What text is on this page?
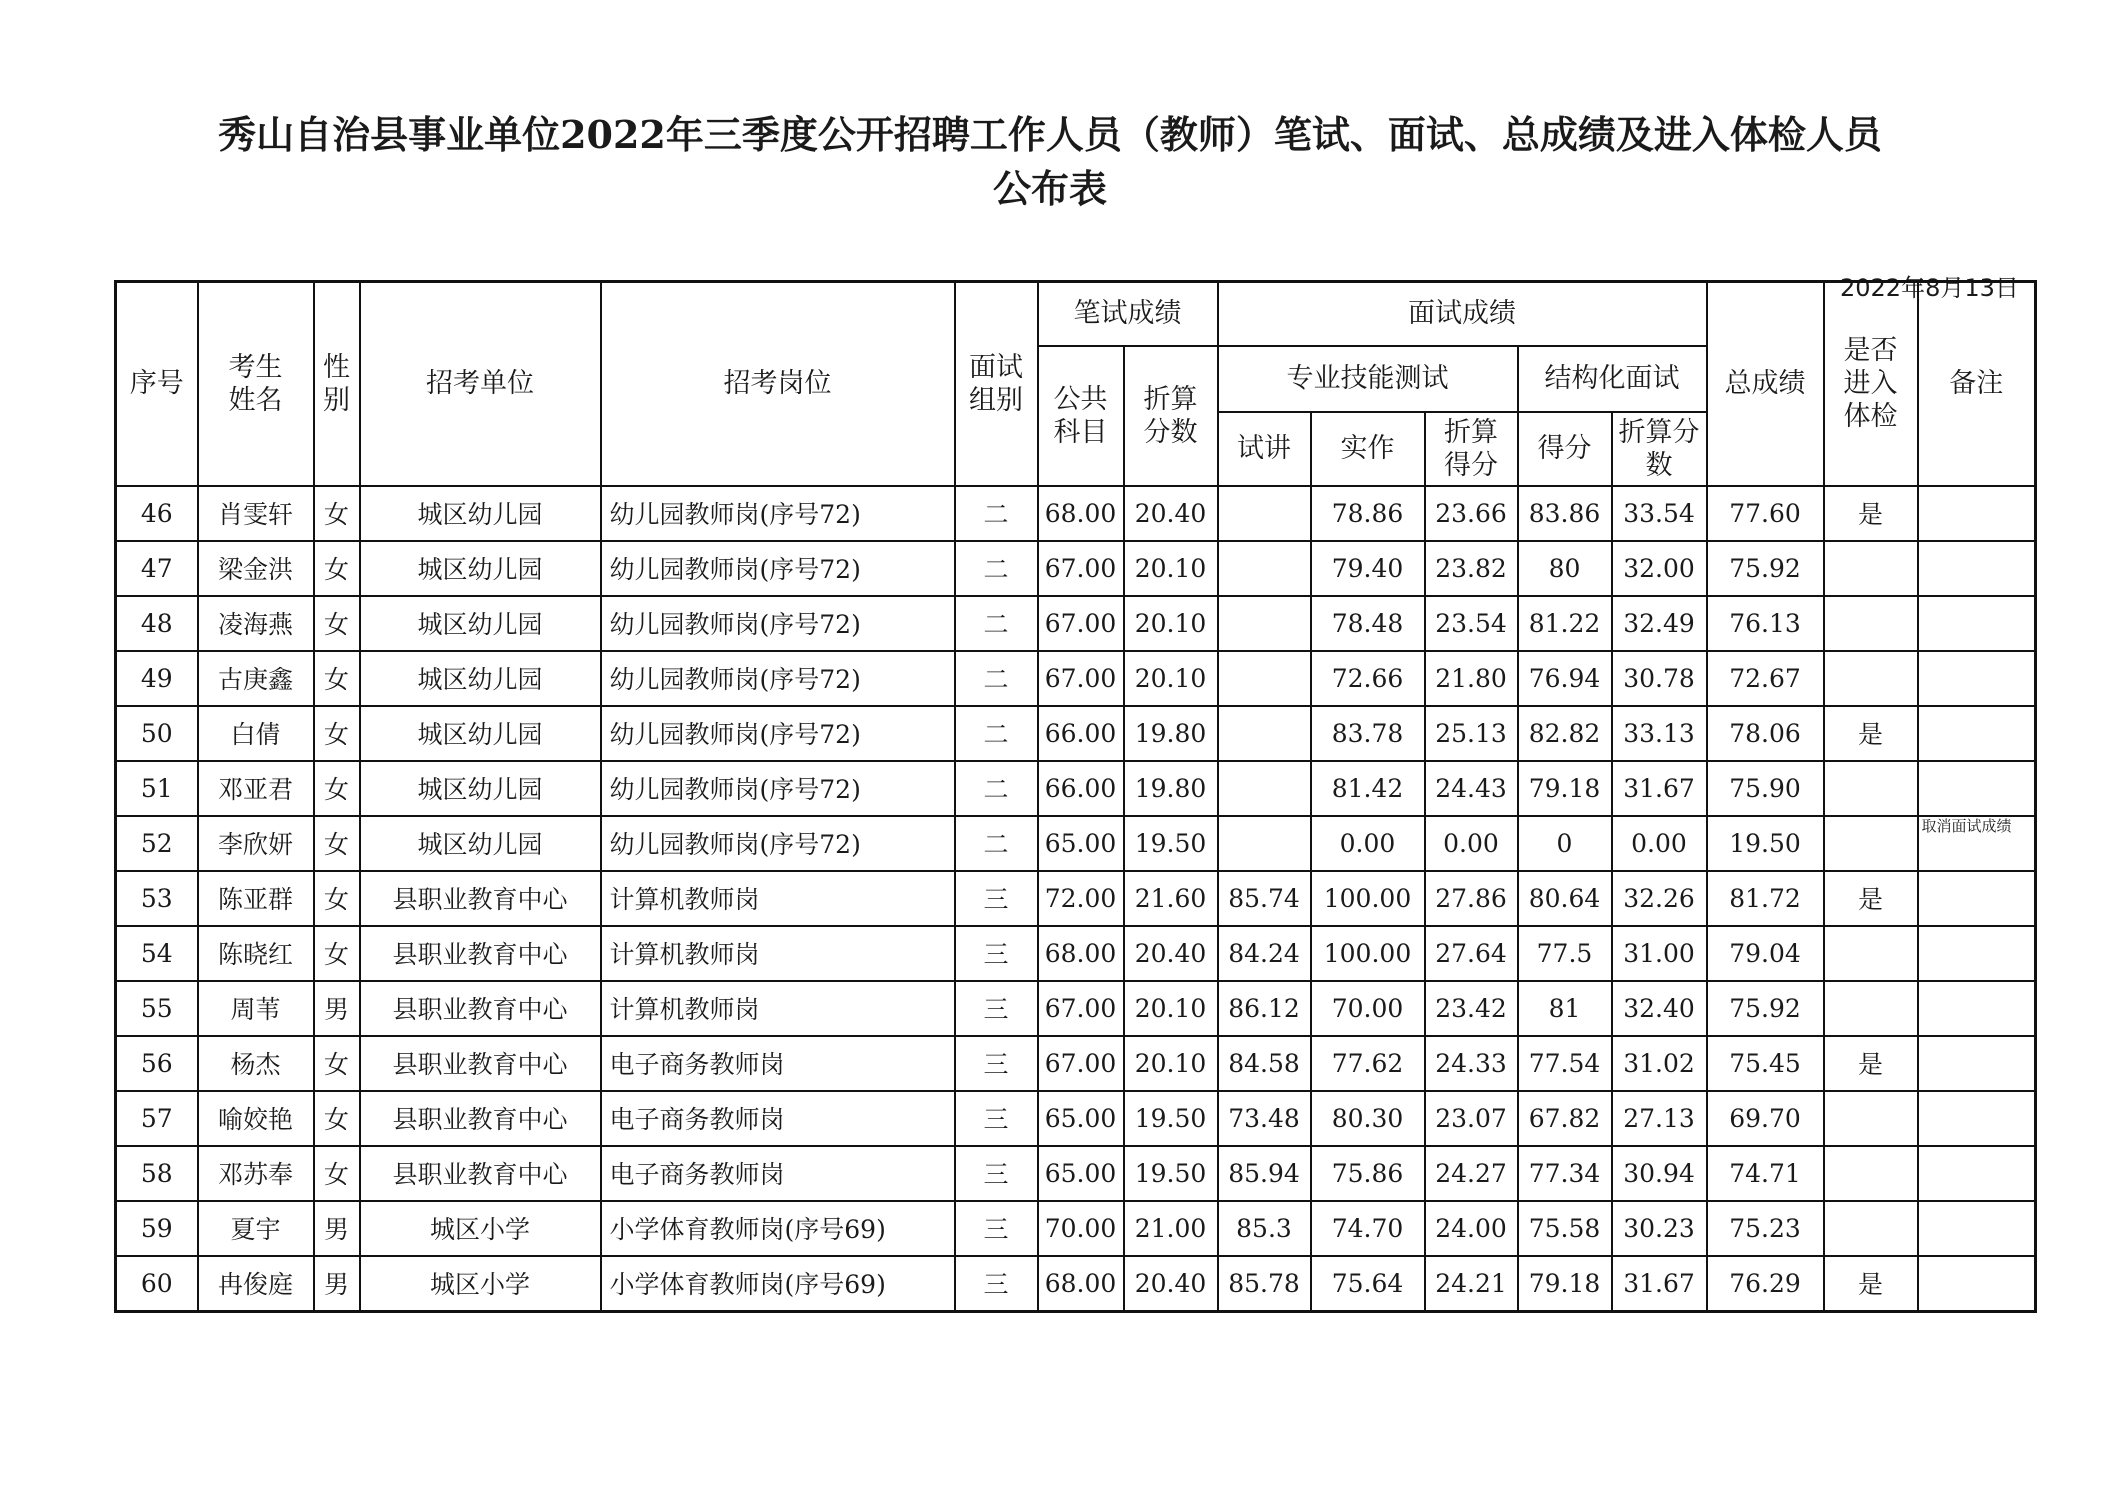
秀山自治县事业单位2022年三季度公开招聘工作人员（教师）笔试、面试、总成绩及进入体检人员
公布表
2022年8月13日
序号	考生姓名	性别	招考单位	招考岗位	面试组别	笔试成绩		面试成绩					总成绩	是否进入体检	备注
						公共科目	折算分数	专业技能测试			结构化面试				
								试讲	实作	折算得分	得分	折算分数			
46	肖雯轩	女	城区幼儿园	幼儿园教师岗(序号72)	二	68.00	20.40		78.86	23.66	83.86	33.54	77.60	是	
47	梁金洪	女	城区幼儿园	幼儿园教师岗(序号72)	二	67.00	20.10		79.40	23.82	80	32.00	75.92		
48	凌海燕	女	城区幼儿园	幼儿园教师岗(序号72)	二	67.00	20.10		78.48	23.54	81.22	32.49	76.13		
49	古庚鑫	女	城区幼儿园	幼儿园教师岗(序号72)	二	67.00	20.10		72.66	21.80	76.94	30.78	72.67		
50	白倩	女	城区幼儿园	幼儿园教师岗(序号72)	二	66.00	19.80		83.78	25.13	82.82	33.13	78.06	是	
51	邓亚君	女	城区幼儿园	幼儿园教师岗(序号72)	二	66.00	19.80		81.42	24.43	79.18	31.67	75.90		
52	李欣妍	女	城区幼儿园	幼儿园教师岗(序号72)	二	65.00	19.50		0.00	0.00	0	0.00	19.50		取消面试成绩
53	陈亚群	女	县职业教育中心	计算机教师岗	三	72.00	21.60	85.74	100.00	27.86	80.64	32.26	81.72	是	
54	陈晓红	女	县职业教育中心	计算机教师岗	三	68.00	20.40	84.24	100.00	27.64	77.5	31.00	79.04		
55	周苇	男	县职业教育中心	计算机教师岗	三	67.00	20.10	86.12	70.00	23.42	81	32.40	75.92		
56	杨杰	女	县职业教育中心	电子商务教师岗	三	67.00	20.10	84.58	77.62	24.33	77.54	31.02	75.45	是	
57	喻姣艳	女	县职业教育中心	电子商务教师岗	三	65.00	19.50	73.48	80.30	23.07	67.82	27.13	69.70		
58	邓苏奉	女	县职业教育中心	电子商务教师岗	三	65.00	19.50	85.94	75.86	24.27	77.34	30.94	74.71		
59	夏宇	男	城区小学	小学体育教师岗(序号69)	三	70.00	21.00	85.3	74.70	24.00	75.58	30.23	75.23		
60	冉俊庭	男	城区小学	小学体育教师岗(序号69)	三	68.00	20.40	85.78	75.64	24.21	79.18	31.67	76.29	是	
